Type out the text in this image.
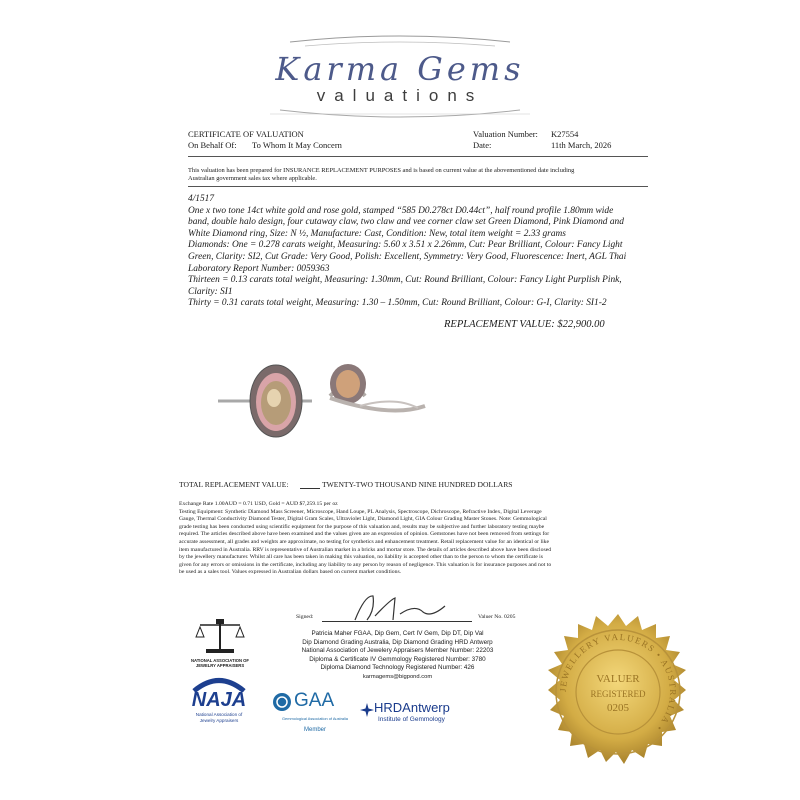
Karma Gems
valuations
CERTIFICATE OF VALUATION
On Behalf Of: To Whom It May Concern
Valuation Number: K27554
Date:	11th March, 2026
This valuation has been prepared for INSURANCE REPLACEMENT PURPOSES and is based on current value at the abovementioned date including
Australian government sales tax where applicable.
4/1517
One x two tone 14ct white gold and rose gold, stamped “585 D0.278ct D0.44ct”, half round profile 1.80mm wide
band, double halo design, four cutaway claw, two claw and vee corner claw set Green Diamond, Pink Diamond and
White Diamond ring, Size: N ½, Manufacture: Cast, Condition: New, total item weight = 2.33 grams
Diamonds: One = 0.278 carats weight, Measuring: 5.60 x 3.51 x 2.26mm, Cut: Pear Brilliant, Colour: Fancy Light
Green, Clarity: SI2, Cut Grade: Very Good, Polish: Excellent, Symmetry: Very Good, Fluorescence: Inert, AGL Thai
Laboratory Report Number: 0059363
Thirteen = 0.13 carats total weight, Measuring: 1.30mm, Cut: Round Brilliant, Colour: Fancy Light Purplish Pink,
Clarity: SI1
Thirty = 0.31 carats total weight, Measuring: 1.30 – 1.50mm, Cut: Round Brilliant, Colour: G-I, Clarity: SI1-2
REPLACEMENT VALUE: $22,900.00
TOTAL REPLACEMENT VALUE:	TWENTY-TWO THOUSAND NINE HUNDRED DOLLARS
Exchange Rate 1.00AUD = 0.71 USD, Gold = AUD $7,259.15 per oz
Testing Equipment: Synthetic Diamond Mass Screener, Microscope, Hand Loupe, PL Analysis, Spectroscope, Dichroscope, Refractive Index, Digital Leverage
Gauge, Thermal Conductivity Diamond Tester, Digital Gram Scales, Ultraviolet Light, Diamond Light, GIA Colour Grading Master Stones. Note: Gemmological
grade testing has been conducted using scientific equipment for the purpose of this valuation and, results may be subjective and further laboratory testing maybe
required. The articles described above have been examined and the values given are an expression of opinion. Gemstones have not been removed from settings for
accurate assessment, all grades and weights are approximate, no testing for synthetics and enhancement treatment. Retail replacement value for an identical or like
item manufactured in Australia. RRV is representative of Australian market in a bricks and mortar store. The details of articles described above have been disclosed
by the jewellery manufacturer. Whilst all care has been taken in making this valuation, no liability is accepted other than to the person to whom the certificate is
given for any errors or omissions in the certificate, including any liability to any person by reason of negligence. This valuation is for insurance purposes and not to
be used as a sales tool. Values expressed in Australian dollars based on current market conditions.
Signed:	Valuer No. 0205
Patricia Maher FGAA, Dip Gem, Cert IV Gem, Dip DT, Dip Val
Dip Diamond Grading Australia, Dip Diamond Grading HRD Antwerp
National Association of Jewelery Appraisers Member Number: 22203
Diploma & Certificate IV Gemmology Registered Number: 3780
Diploma Diamond Technology Registered Number: 426
karmagems@bigpond.com
NATIONAL ASSOCIATION OF JEWELRY APPRAISERS
NAJA
National Association of
Jewelry Appraisers
GAA
Gemmological Association of Australia
Member
HRDAntwerp
Institute of Gemmology
JEWELLERY VALUERS • AUSTRALIA •
VALUER
REGISTERED
0205
